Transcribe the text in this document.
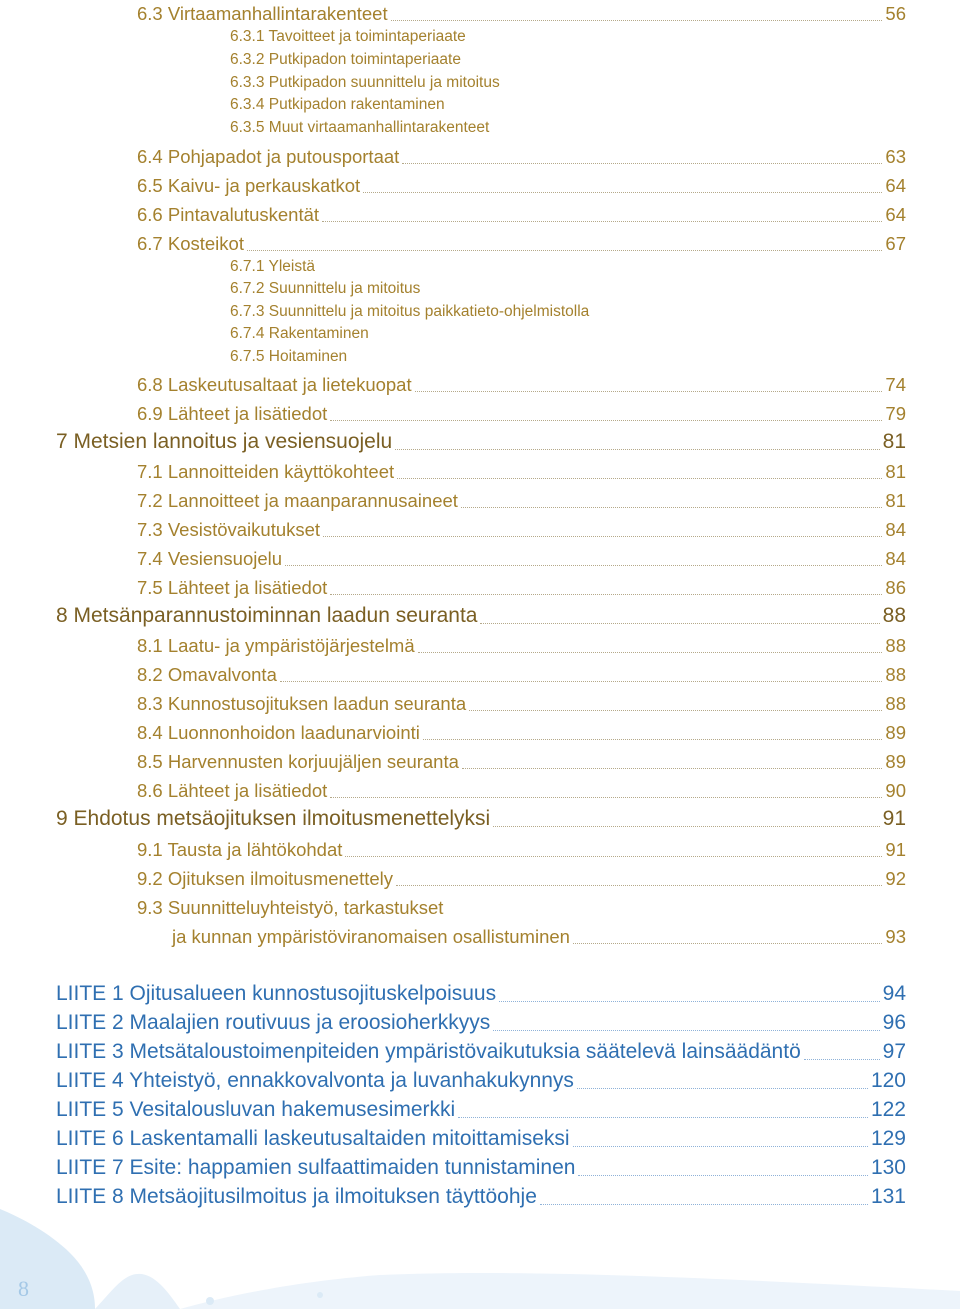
8
6.3 Virtaamanhallintarakenteet	56
6.3.1 Tavoitteet ja toimintaperiaate
6.3.2 Putkipadon toimintaperiaate
6.3.3 Putkipadon suunnittelu ja mitoitus
6.3.4 Putkipadon rakentaminen
6.3.5 Muut virtaamanhallintarakenteet
6.4 Pohjapadot ja putousportaat	63
6.5 Kaivu- ja perkauskatkot	64
6.6 Pintavalutuskentät	64
6.7 Kosteikot	67
6.7.1 Yleistä
6.7.2 Suunnittelu ja mitoitus
6.7.3 Suunnittelu ja mitoitus paikkatieto-ohjelmistolla
6.7.4 Rakentaminen
6.7.5 Hoitaminen
6.8 Laskeutusaltaat ja lietekuopat	74
6.9 Lähteet ja lisätiedot	79
7 Metsien lannoitus ja vesiensuojelu	81
7.1 Lannoitteiden käyttökohteet	81
7.2 Lannoitteet ja maanparannusaineet	81
7.3 Vesistövaikutukset	84
7.4 Vesiensuojelu	84
7.5 Lähteet ja lisätiedot	86
8 Metsänparannustoiminnan laadun seuranta	88
8.1 Laatu- ja ympäristöjärjestelmä	88
8.2 Omavalvonta	88
8.3 Kunnostusojituksen laadun seuranta	88
8.4 Luonnonhoidon laadunarviointi	89
8.5 Harvennusten korjuujäljen seuranta	89
8.6 Lähteet ja lisätiedot	90
9 Ehdotus metsäojituksen ilmoitusmenettelyksi	91
9.1 Tausta ja lähtökohdat	91
9.2 Ojituksen ilmoitusmenettely	92
9.3 Suunnitteluyhteistyö, tarkastukset
ja kunnan ympäristöviranomaisen osallistuminen	93
LIITE 1 Ojitusalueen kunnostusojituskelpoisuus	94
LIITE 2 Maalajien routivuus ja eroosioherkkyys	96
LIITE 3 Metsätaloustoimenpiteiden ympäristövaikutuksia säätelevä lainsäädäntö	97
LIITE 4 Yhteistyö, ennakkovalvonta ja luvanhakukynnys	120
LIITE 5 Vesitalousluvan hakemusesimerkki	122
LIITE 6 Laskentamalli laskeutusaltaiden mitoittamiseksi	129
LIITE 7 Esite: happamien sulfaattimaiden tunnistaminen	130
LIITE 8 Metsäojitusilmoitus ja ilmoituksen täyttöohje	131
